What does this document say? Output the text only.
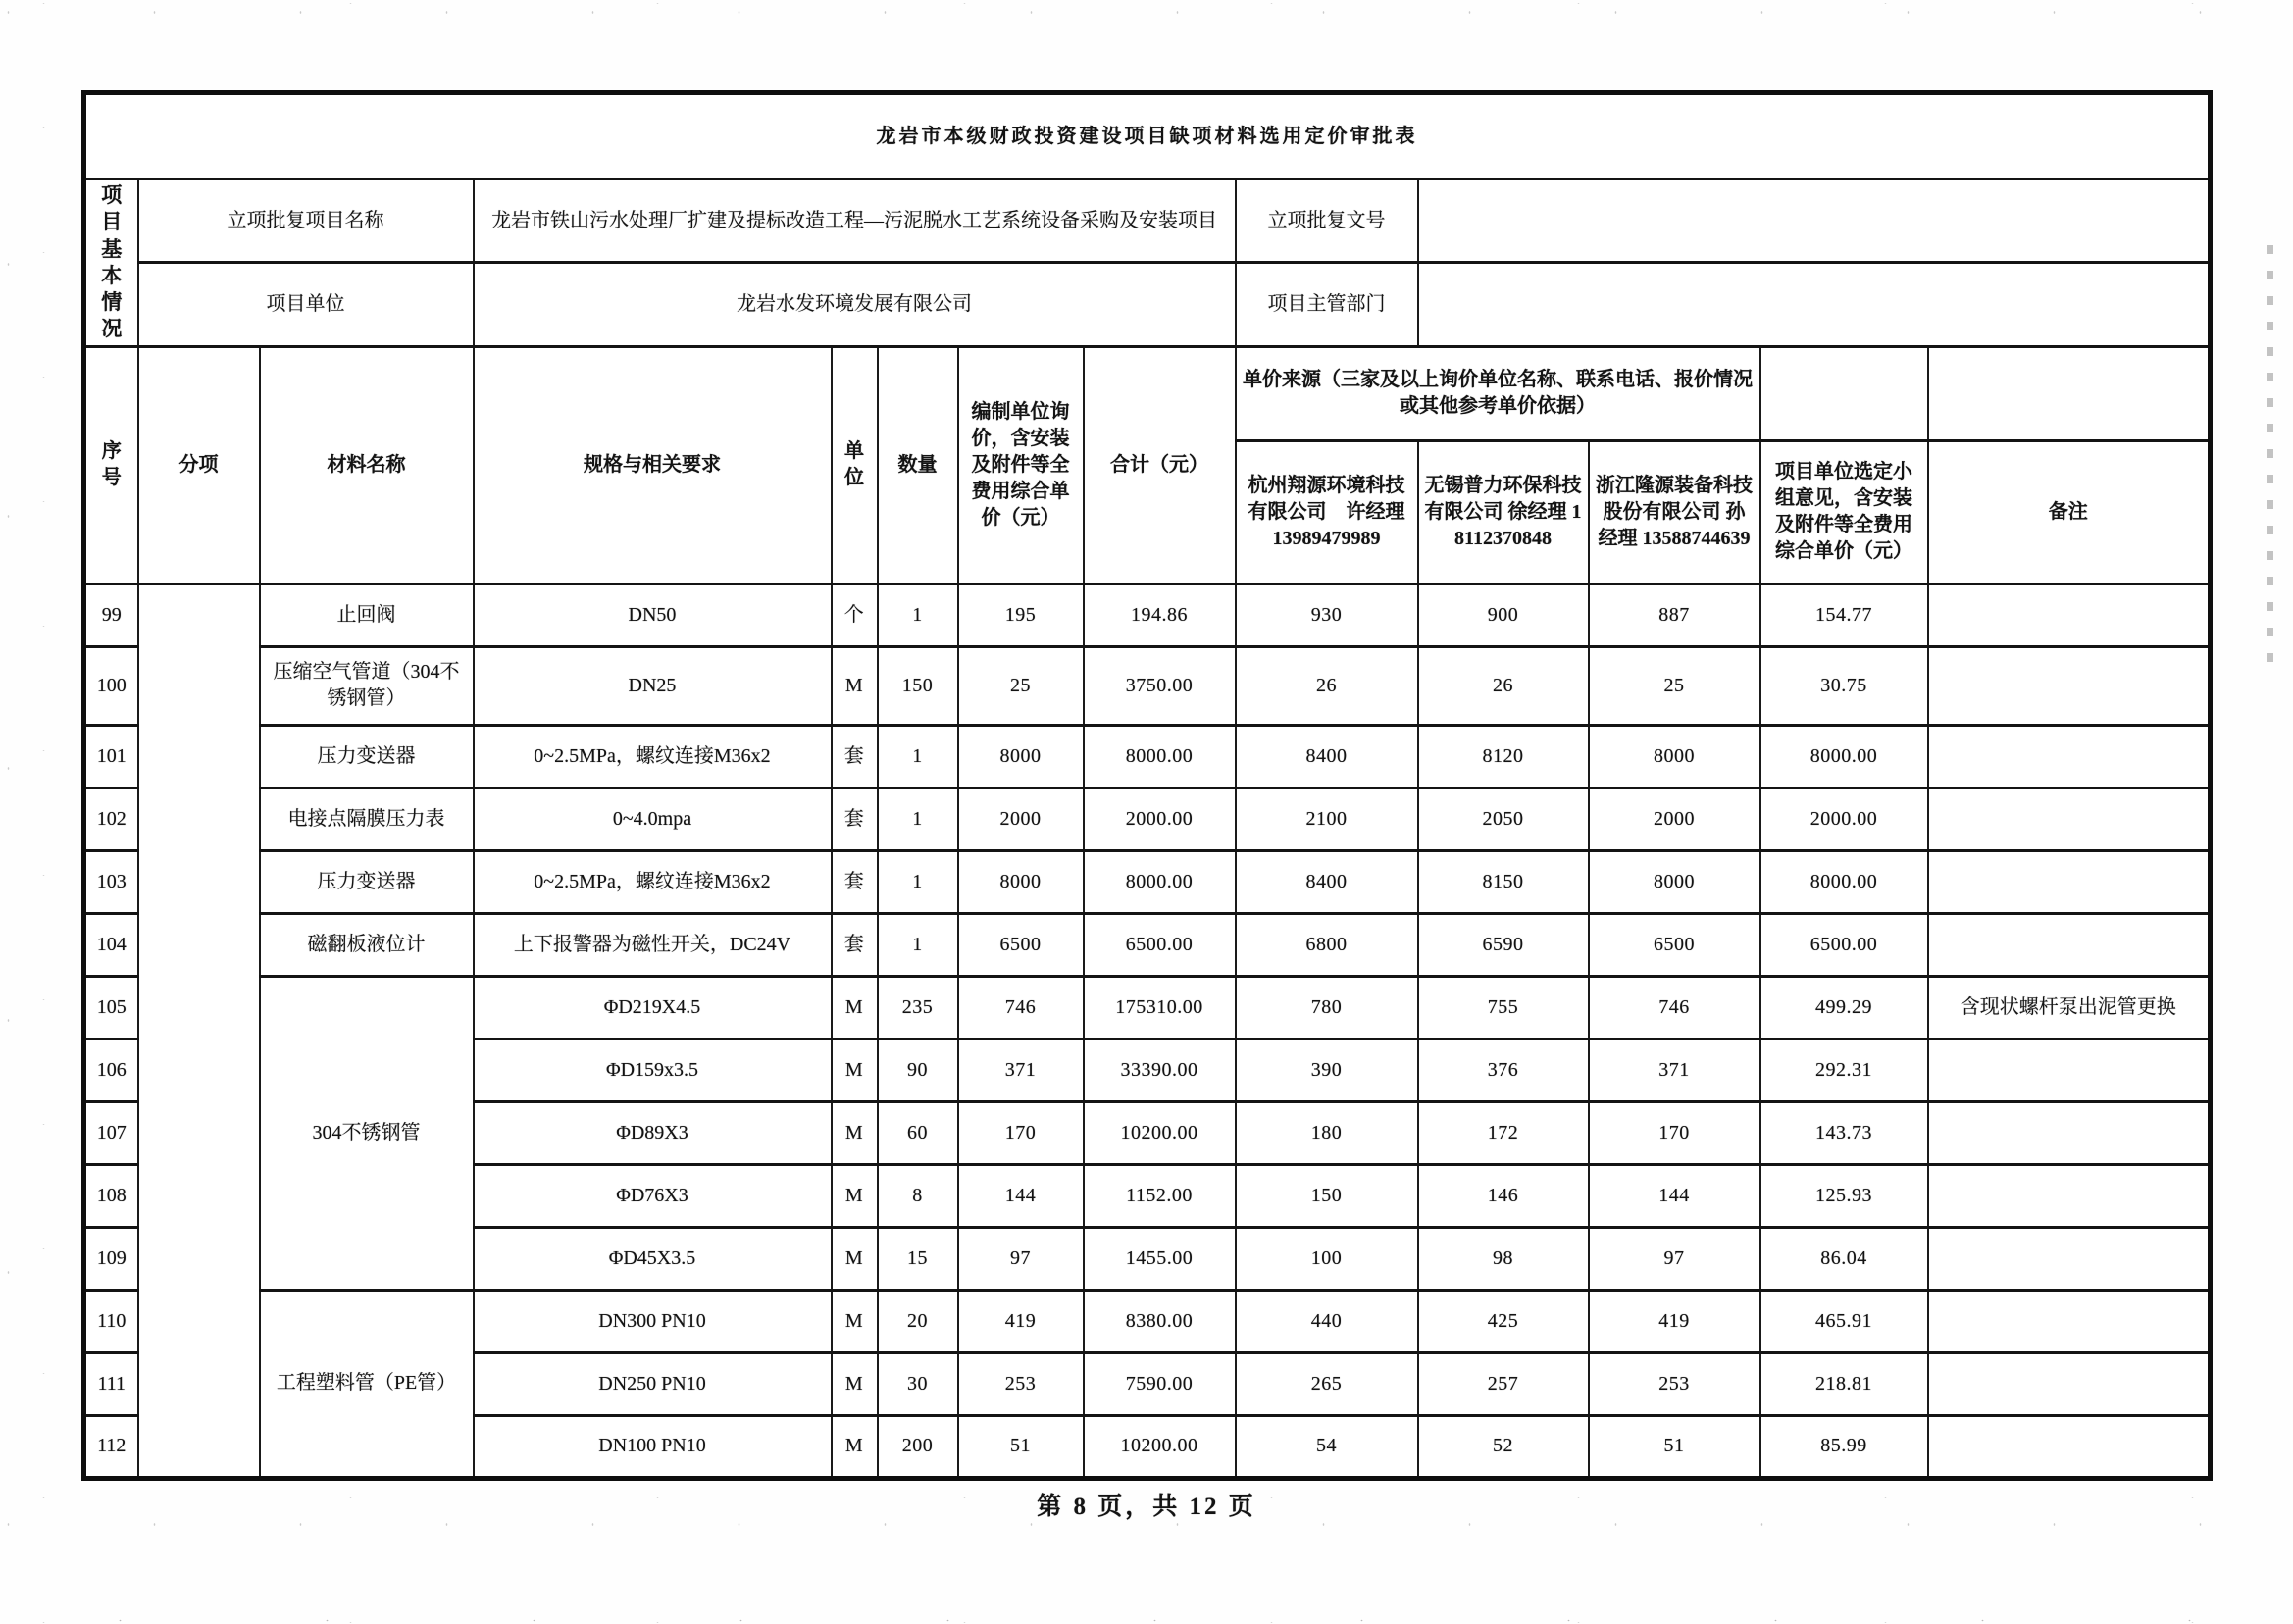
龙岩市本级财政投资建设项目缺项材料选用定价审批表												

项目基本情况	立项批复项目名称		龙岩市铁山污水处理厂扩建及提标改造工程—污泥脱水工艺系统设备采购及安装项目					立项批复文号				
	项目单位		龙岩水发环境发展有限公司					项目主管部门				
序号	分项	材料名称	规格与相关要求	单位	数量	编制单位询价，含安装及附件等全费用综合单价（元）	合计（元）	单价来源（三家及以上询价单位名称、联系电话、报价情况或其他参考单价依据）				
								杭州翔源环境科技有限公司　许经理 13989479989	无锡普力环保科技有限公司 徐经理 18112370848	浙江隆源装备科技股份有限公司 孙经理 13588744639	项目单位选定小组意见，含安装及附件等全费用综合单价（元）	备注
99		止回阀	DN50	个	1	195	194.86	930	900	887	154.77	
100		压缩空气管道（304不锈钢管）	DN25	M	150	25	3750.00	26	26	25	30.75	
101		压力变送器	0~2.5MPa，螺纹连接M36x2	套	1	8000	8000.00	8400	8120	8000	8000.00	
102		电接点隔膜压力表	0~4.0mpa	套	1	2000	2000.00	2100	2050	2000	2000.00	
103		压力变送器	0~2.5MPa，螺纹连接M36x2	套	1	8000	8000.00	8400	8150	8000	8000.00	
104		磁翻板液位计	上下报警器为磁性开关，DC24V	套	1	6500	6500.00	6800	6590	6500	6500.00	
105		304不锈钢管	ΦD219X4.5	M	235	746	175310.00	780	755	746	499.29	含现状螺杆泵出泥管更换
106			ΦD159x3.5	M	90	371	33390.00	390	376	371	292.31	
107			ΦD89X3	M	60	170	10200.00	180	172	170	143.73	
108			ΦD76X3	M	8	144	1152.00	150	146	144	125.93	
109			ΦD45X3.5	M	15	97	1455.00	100	98	97	86.04	
110		工程塑料管（PE管）	DN300 PN10	M	20	419	8380.00	440	425	419	465.91	
111			DN250 PN10	M	30	253	7590.00	265	257	253	218.81	
112			DN100 PN10	M	200	51	10200.00	54	52	51	85.99	
第 8 页，共 12 页
